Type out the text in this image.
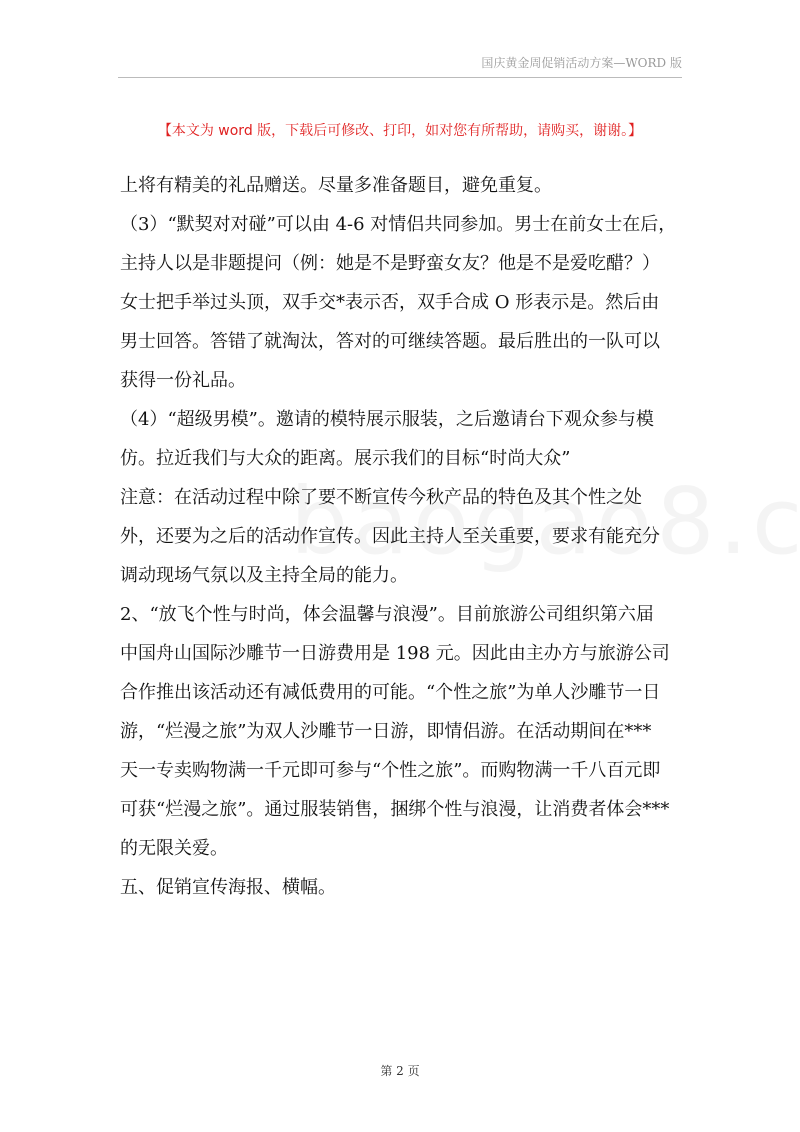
国庆黄金周促销活动方案—WORD 版
【本文为 word 版，下载后可修改、打印，如对您有所帮助，请购买，谢谢。】

上将有精美的礼品赠送。尽量多准备题目，避免重复。

（3）“默契对对碰”可以由 4-6 对情侣共同参加。男士在前女士在后，

主持人以是非题提问（例：她是不是野蛮女友？他是不是爱吃醋？）

女士把手举过头顶，双手交*表示否，双手合成 O 形表示是。然后由

男士回答。答错了就淘汰，答对的可继续答题。最后胜出的一队可以

获得一份礼品。

（4）“超级男模”。邀请的模特展示服装，之后邀请台下观众参与模

仿。拉近我们与大众的距离。展示我们的目标“时尚大众”

注意：在活动过程中除了要不断宣传今秋产品的特色及其个性之处

外，还要为之后的活动作宣传。因此主持人至关重要，要求有能充分

调动现场气氛以及主持全局的能力。

2、“放飞个性与时尚，体会温馨与浪漫”。目前旅游公司组织第六届

中国舟山国际沙雕节一日游费用是 198 元。因此由主办方与旅游公司

合作推出该活动还有减低费用的可能。“个性之旅”为单人沙雕节一日

游，“烂漫之旅”为双人沙雕节一日游，即情侣游。在活动期间在***

天一专卖购物满一千元即可参与“个性之旅”。而购物满一千八百元即

可获“烂漫之旅”。通过服装销售，捆绑个性与浪漫，让消费者体会***

的无限关爱。

五、促销宣传海报、横幅。

第 2 页
